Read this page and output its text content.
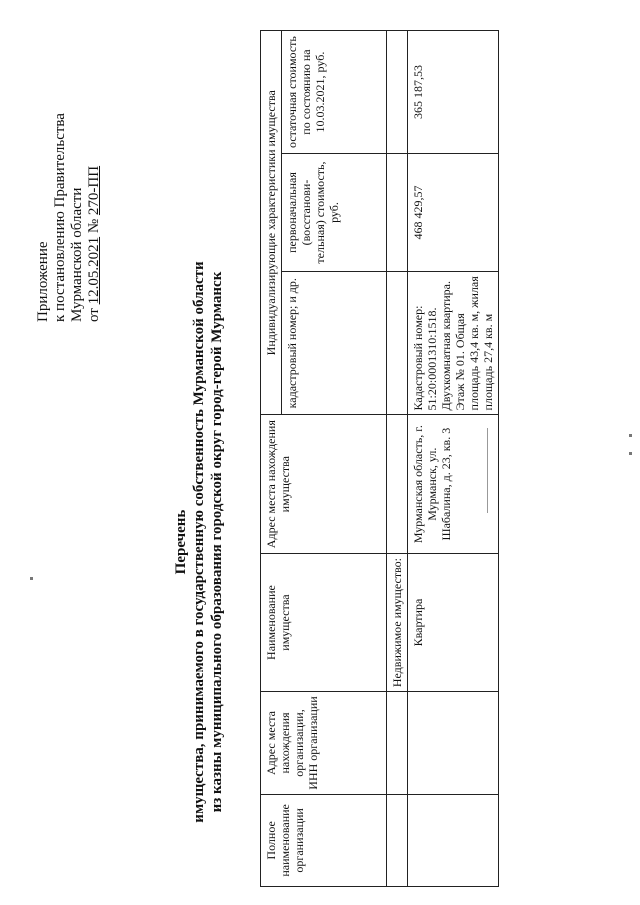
Приложение к постановлению Правительства Мурманской области от 12.05.2021 № 270-ПП
Перечень имущества, принимаемого в государственную собственность Мурманской области из казны муниципального образования городской округ город-герой Мурманск
Полное наименование организации	Адрес места нахождения организации, ИНН организации	Наименование имущества	Адрес места нахождения имущества	Индивидуализирующие характеристики имущества		
				кадастровый номер; и др.	первоначальная (восстанови-тельная) стоимость, руб.	остаточная стоимость по состоянию на 10.03.2021, руб.
		Недвижимое имущество:				
		Квартира	Мурманская область, г. Мурманск, ул. Шабалина, д. 23, кв. 3	Кадастровый номер: 51:20:0001310:1518. Двухкомнатная квартира. Этаж № 01. Общая площадь 43,4 кв. м, жилая площадь 27,4 кв. м	468 429,57	365 187,53
